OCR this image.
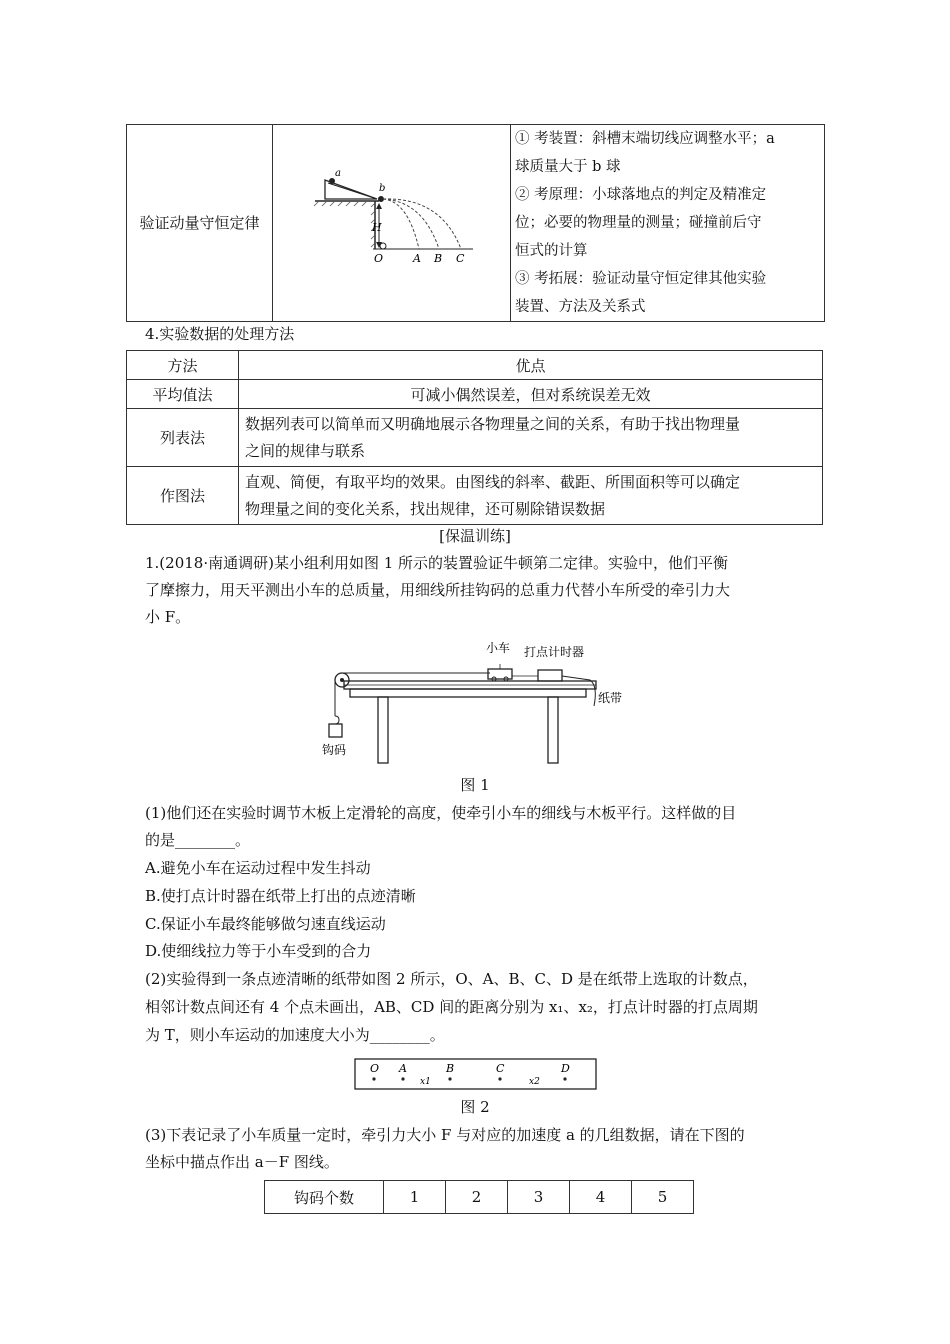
验证动量守恒定律
a
b
H
O	A B C
① 考装置：斜槽末端切线应调整水平；a
球质量大于 b 球
② 考原理：小球落地点的判定及精准定
位；必要的物理量的测量；碰撞前后守
恒式的计算
③ 考拓展：验证动量守恒定律其他实验
装置、方法及关系式
4.实验数据的处理方法
方法	优点
平均值法	可减小偶然误差，但对系统误差无效
列表法	数据列表可以简单而又明确地展示各物理量之间的关系，有助于找出物理量
之间的规律与联系

作图法	直观、简便，有取平均的效果。由图线的斜率、截距、所围面积等可以确定
物理量之间的变化关系，找出规律，还可剔除错误数据
[保温训练]
1.(2018·南通调研)某小组利用如图 1 所示的装置验证牛顿第二定律。实验中，他们平衡
了摩擦力，用天平测出小车的总质量，用细线所挂钩码的总重力代替小车所受的牵引力大
小 F。
钩码
小车 打点计时器
纸带
图 1
(1)他们还在实验时调节木板上定滑轮的高度，使牵引小车的细线与木板平行。这样做的目
的是________。
A.避免小车在运动过程中发生抖动
B.使打点计时器在纸带上打出的点迹清晰
C.保证小车最终能够做匀速直线运动
D.使细线拉力等于小车受到的合力
(2)实验得到一条点迹清晰的纸带如图 2 所示，O、A、B、C、D 是在纸带上选取的计数点，
相邻计数点间还有 4 个点未画出，AB、CD 间的距离分别为 x₁、x₂，打点计时器的打点周期
为 T，则小车运动的加速度大小为________。
O A	B	C	D
x1	x2
图 2
(3)下表记录了小车质量一定时，牵引力大小 F 与对应的加速度 a 的几组数据，请在下图的
坐标中描点作出 a－F 图线。
钩码个数	1	2	3	4	5
